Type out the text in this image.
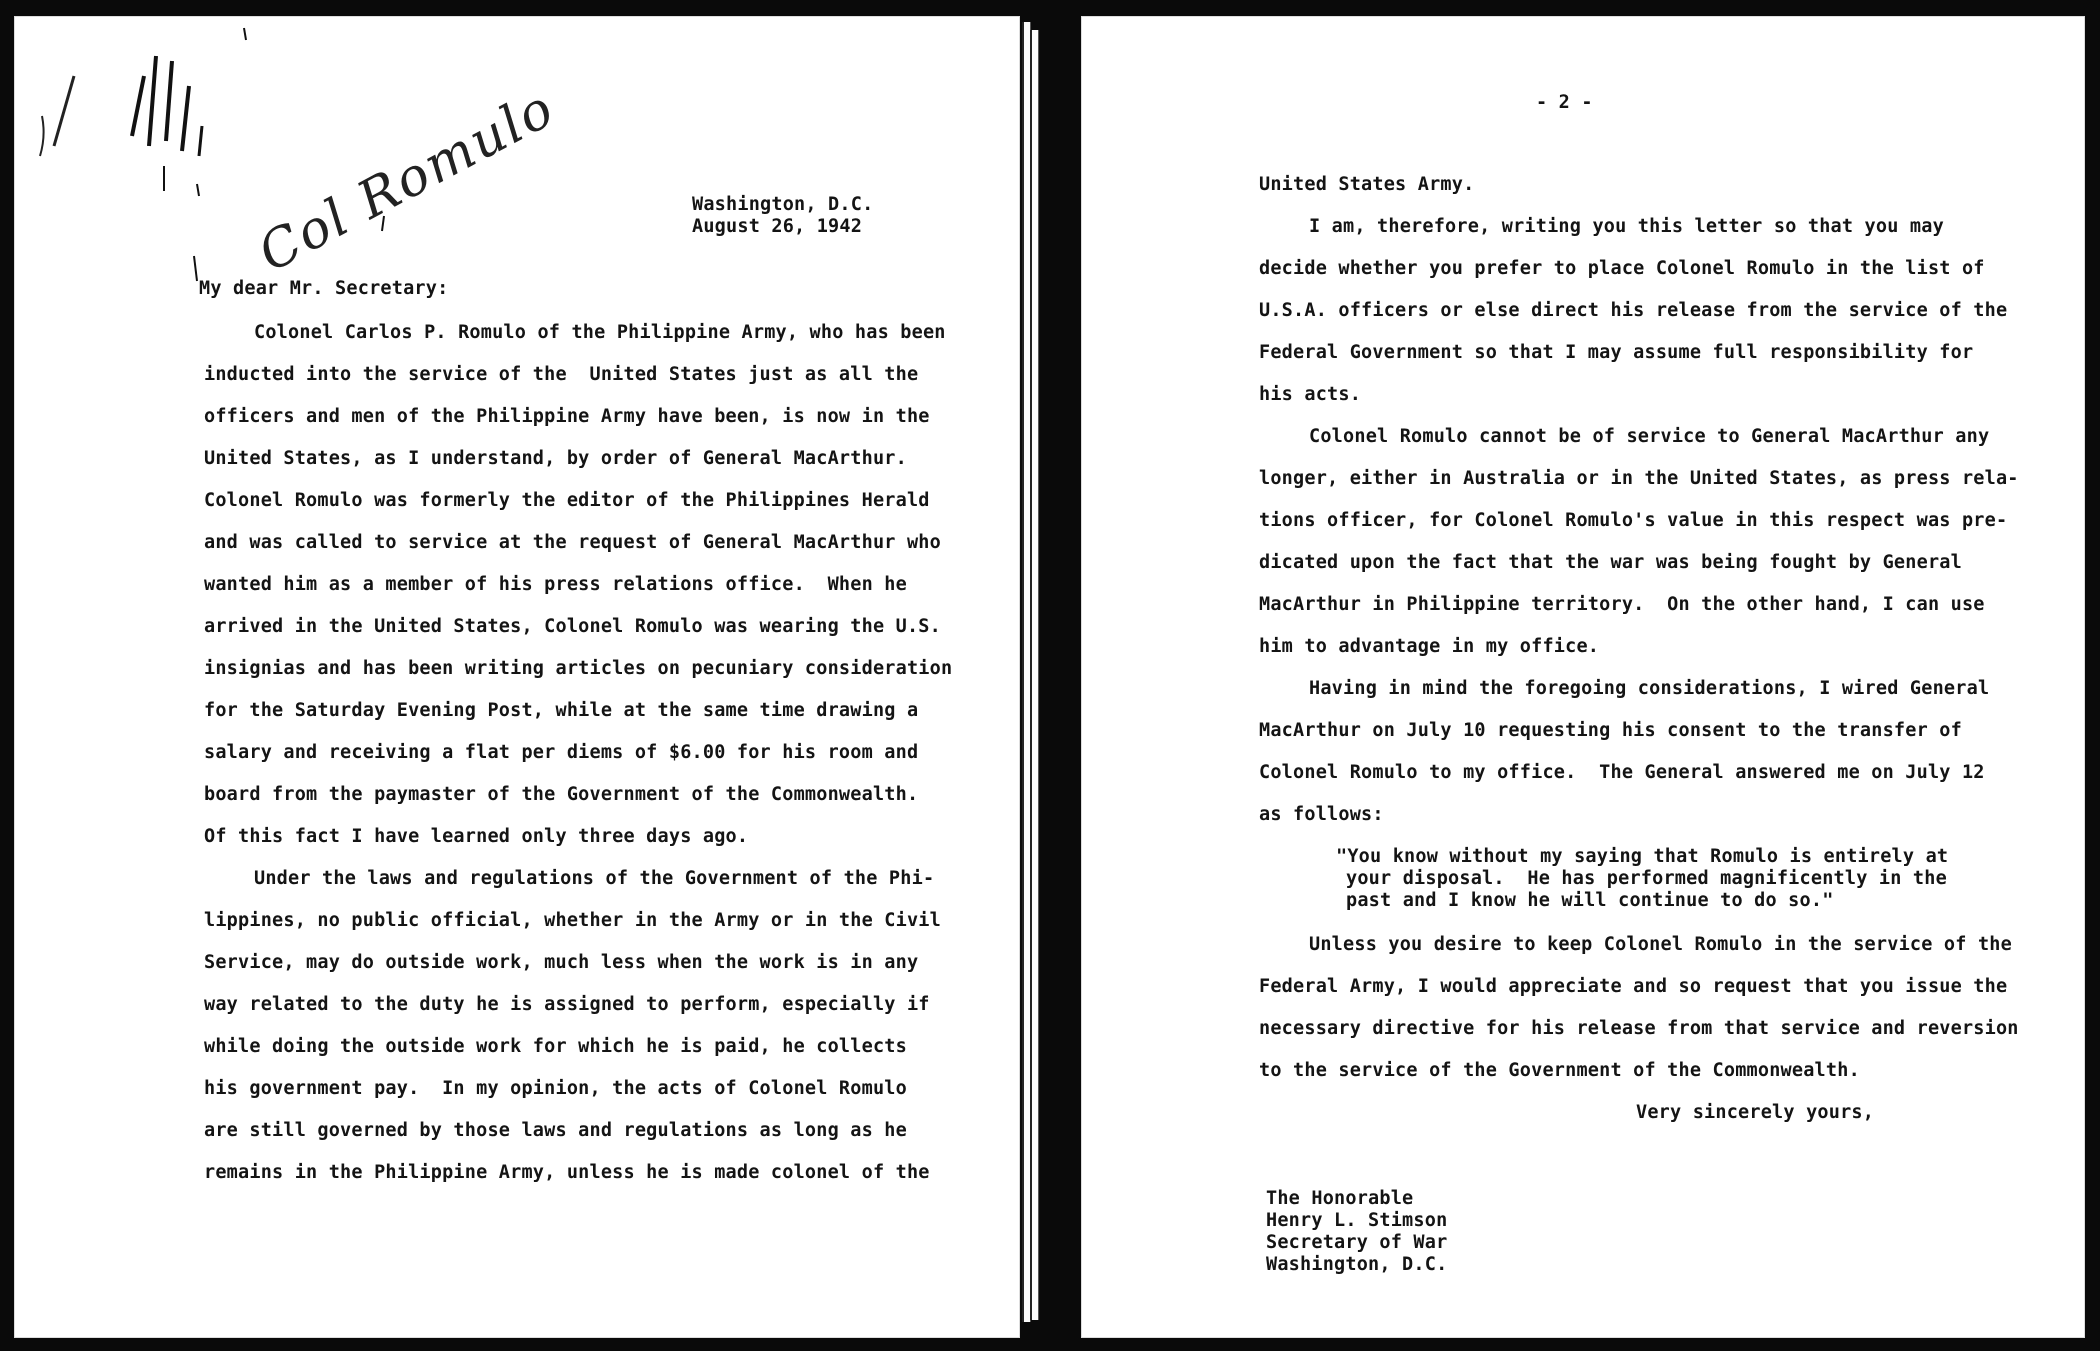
Col Romulo	Washington, D.C.
August 26, 1942
My dear Mr. Secretary:
Colonel Carlos P. Romulo of the Philippine Army, who has been
inducted into the service of the  United States just as all the
officers and men of the Philippine Army have been, is now in the
United States, as I understand, by order of General MacArthur.
Colonel Romulo was formerly the editor of the Philippines Herald
and was called to service at the request of General MacArthur who
wanted him as a member of his press relations office.  When he
arrived in the United States, Colonel Romulo was wearing the U.S.
insignias and has been writing articles on pecuniary consideration
for the Saturday Evening Post, while at the same time drawing a
salary and receiving a flat per diems of $6.00 for his room and
board from the paymaster of the Government of the Commonwealth.
Of this fact I have learned only three days ago.
Under the laws and regulations of the Government of the Phi-
lippines, no public official, whether in the Army or in the Civil
Service, may do outside work, much less when the work is in any
way related to the duty he is assigned to perform, especially if
while doing the outside work for which he is paid, he collects
his government pay.  In my opinion, the acts of Colonel Romulo
are still governed by those laws and regulations as long as he
remains in the Philippine Army, unless he is made colonel of the
- 2 -
United States Army.
I am, therefore, writing you this letter so that you may
decide whether you prefer to place Colonel Romulo in the list of
U.S.A. officers or else direct his release from the service of the
Federal Government so that I may assume full responsibility for
his acts.
Colonel Romulo cannot be of service to General MacArthur any
longer, either in Australia or in the United States, as press rela-
tions officer, for Colonel Romulo's value in this respect was pre-
dicated upon the fact that the war was being fought by General
MacArthur in Philippine territory.  On the other hand, I can use
him to advantage in my office.
Having in mind the foregoing considerations, I wired General
MacArthur on July 10 requesting his consent to the transfer of
Colonel Romulo to my office.  The General answered me on July 12
as follows:
"You know without my saying that Romulo is entirely at
your disposal.  He has performed magnificently in the
past and I know he will continue to do so."
Unless you desire to keep Colonel Romulo in the service of the
Federal Army, I would appreciate and so request that you issue the
necessary directive for his release from that service and reversion
to the service of the Government of the Commonwealth.
Very sincerely yours,
The Honorable
Henry L. Stimson
Secretary of War
Washington, D.C.
